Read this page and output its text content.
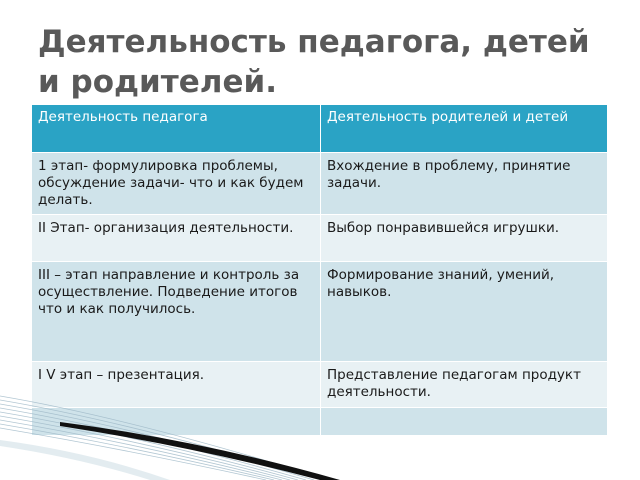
Деятельность педагога, детей и родителей.
Деятельность педагога	Деятельность родителей и детей
1 этап- формулировка проблемы, обсуждение задачи- что и как будем делать.	Вхождение в проблему, принятие задачи.
II Этап- организация деятельности.	Выбор понравившейся игрушки.
III – этап направление и контроль за осуществление. Подведение итогов что и как получилось.	Формирование знаний, умений, навыков.
I V этап – презентация.	Представление педагогам продукт деятельности.
